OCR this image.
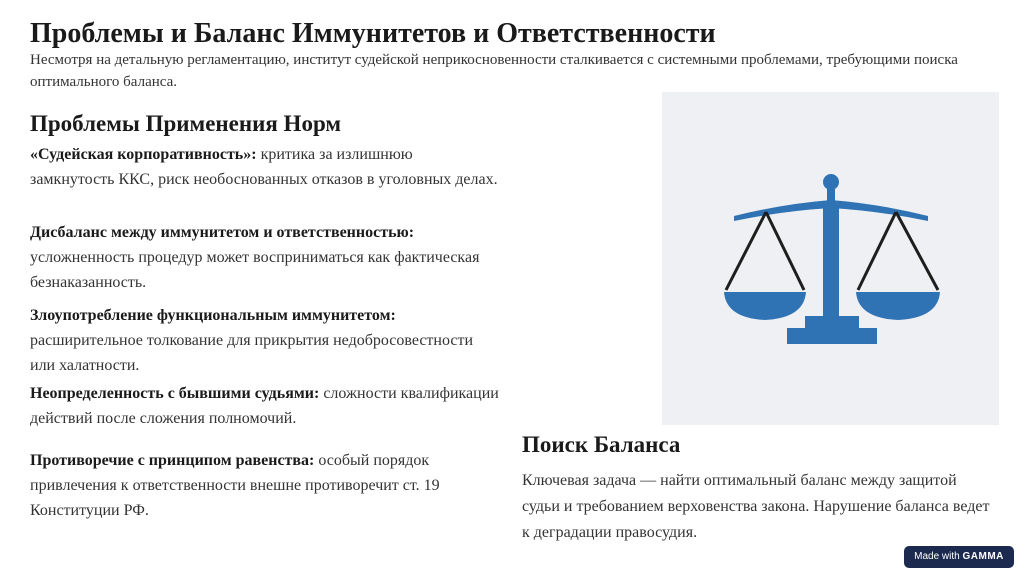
Проблемы и Баланс Иммунитетов и Ответственности
Несмотря на детальную регламентацию, институт судейской неприкосновенности сталкивается с системными проблемами, требующими поиска оптимального баланса.
Проблемы Применения Норм
«Судейская корпоративность»: критика за излишнюю замкнутость ККС, риск необоснованных отказов в уголовных делах.
Дисбаланс между иммунитетом и ответственностью: усложненность процедур может восприниматься как фактическая безнаказанность.
Злоупотребление функциональным иммунитетом: расширительное толкование для прикрытия недобросовестности или халатности.
Неопределенность с бывшими судьями: сложности квалификации действий после сложения полномочий.
Противоречие с принципом равенства: особый порядок привлечения к ответственности внешне противоречит ст. 19 Конституции РФ.
Поиск Баланса
Ключевая задача — найти оптимальный баланс между защитой судьи и требованием верховенства закона. Нарушение баланса ведет к деградации правосудия.
Made with GAMMA
